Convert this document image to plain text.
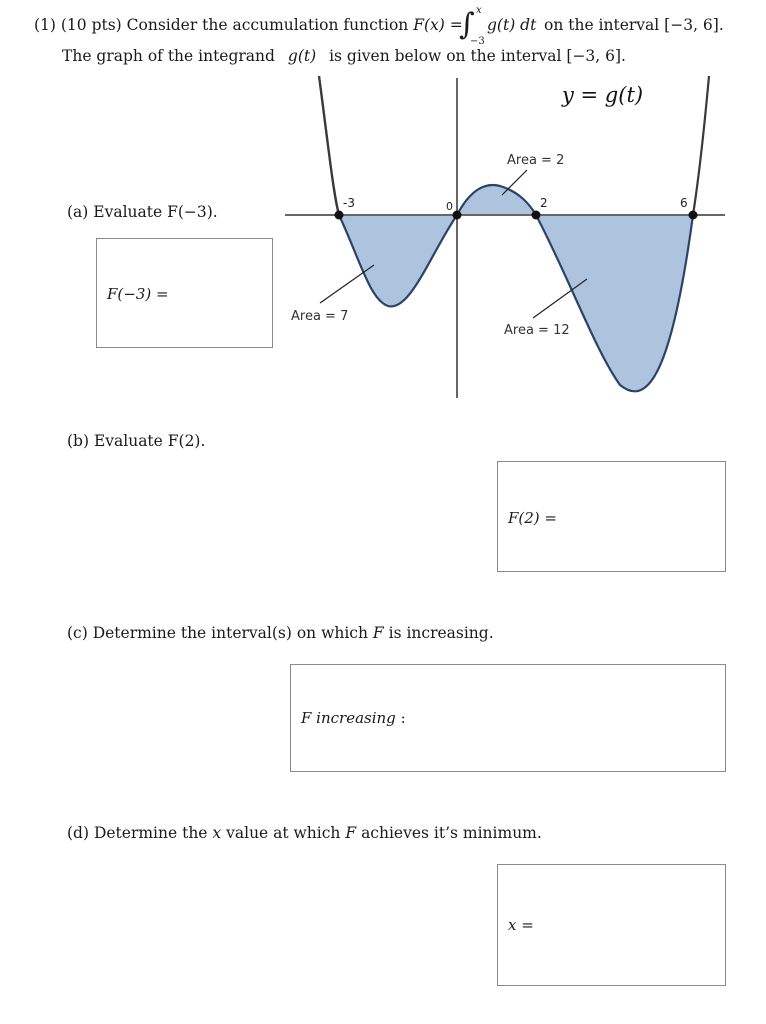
(1) (10 pts) Consider the accumulation function F(x) =
∫ x
−3
g(t) dt on the interval [−3, 6].
The graph of the integrand g(t) is given below on the interval [−3, 6].
-3	0	2	6
Area = 2
Area = 7
Area = 12
y = g(t)
(a) Evaluate F(−3).
F(−3) =
(b) Evaluate F(2).
F(2) =
(c) Determine the interval(s) on which F is increasing.
F increasing :
(d) Determine the x value at which F achieves it’s minimum.
x =
